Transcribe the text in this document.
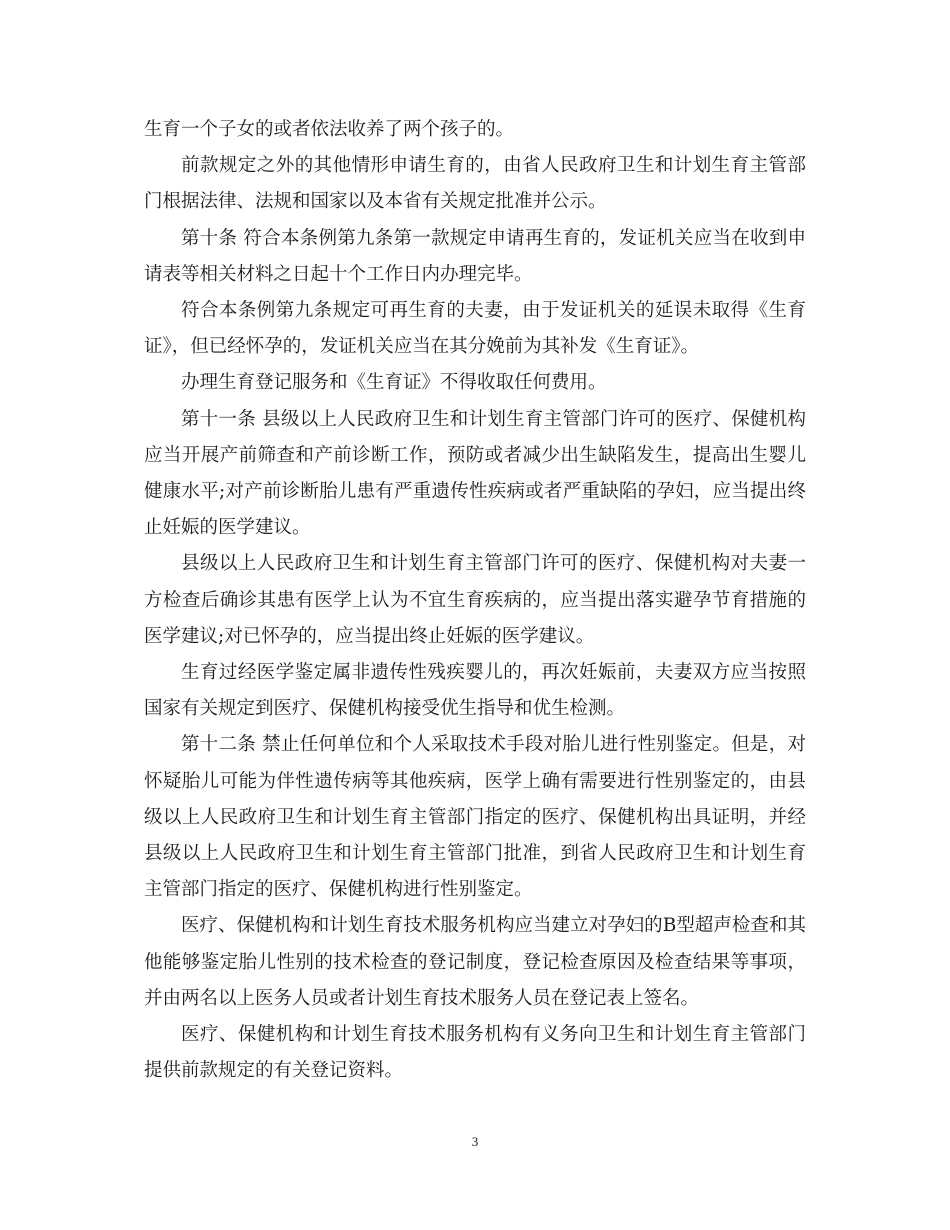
生育一个子女的或者依法收养了两个孩子的。

前款规定之外的其他情形申请生育的，由省人民政府卫生和计划生育主管部门根据法律、法规和国家以及本省有关规定批准并公示。

第十条 符合本条例第九条第一款规定申请再生育的，发证机关应当在收到申请表等相关材料之日起十个工作日内办理完毕。

符合本条例第九条规定可再生育的夫妻，由于发证机关的延误未取得《生育证》，但已经怀孕的，发证机关应当在其分娩前为其补发《生育证》。

办理生育登记服务和《生育证》不得收取任何费用。

第十一条 县级以上人民政府卫生和计划生育主管部门许可的医疗、保健机构应当开展产前筛查和产前诊断工作，预防或者减少出生缺陷发生，提高出生婴儿健康水平;对产前诊断胎儿患有严重遗传性疾病或者严重缺陷的孕妇，应当提出终止妊娠的医学建议。

县级以上人民政府卫生和计划生育主管部门许可的医疗、保健机构对夫妻一方检查后确诊其患有医学上认为不宜生育疾病的，应当提出落实避孕节育措施的医学建议;对已怀孕的，应当提出终止妊娠的医学建议。

生育过经医学鉴定属非遗传性残疾婴儿的，再次妊娠前，夫妻双方应当按照国家有关规定到医疗、保健机构接受优生指导和优生检测。

第十二条 禁止任何单位和个人采取技术手段对胎儿进行性别鉴定。但是，对怀疑胎儿可能为伴性遗传病等其他疾病，医学上确有需要进行性别鉴定的，由县级以上人民政府卫生和计划生育主管部门指定的医疗、保健机构出具证明，并经县级以上人民政府卫生和计划生育主管部门批准，到省人民政府卫生和计划生育主管部门指定的医疗、保健机构进行性别鉴定。

医疗、保健机构和计划生育技术服务机构应当建立对孕妇的B型超声检查和其他能够鉴定胎儿性别的技术检查的登记制度，登记检查原因及检查结果等事项，并由两名以上医务人员或者计划生育技术服务人员在登记表上签名。

医疗、保健机构和计划生育技术服务机构有义务向卫生和计划生育主管部门提供前款规定的有关登记资料。

3
